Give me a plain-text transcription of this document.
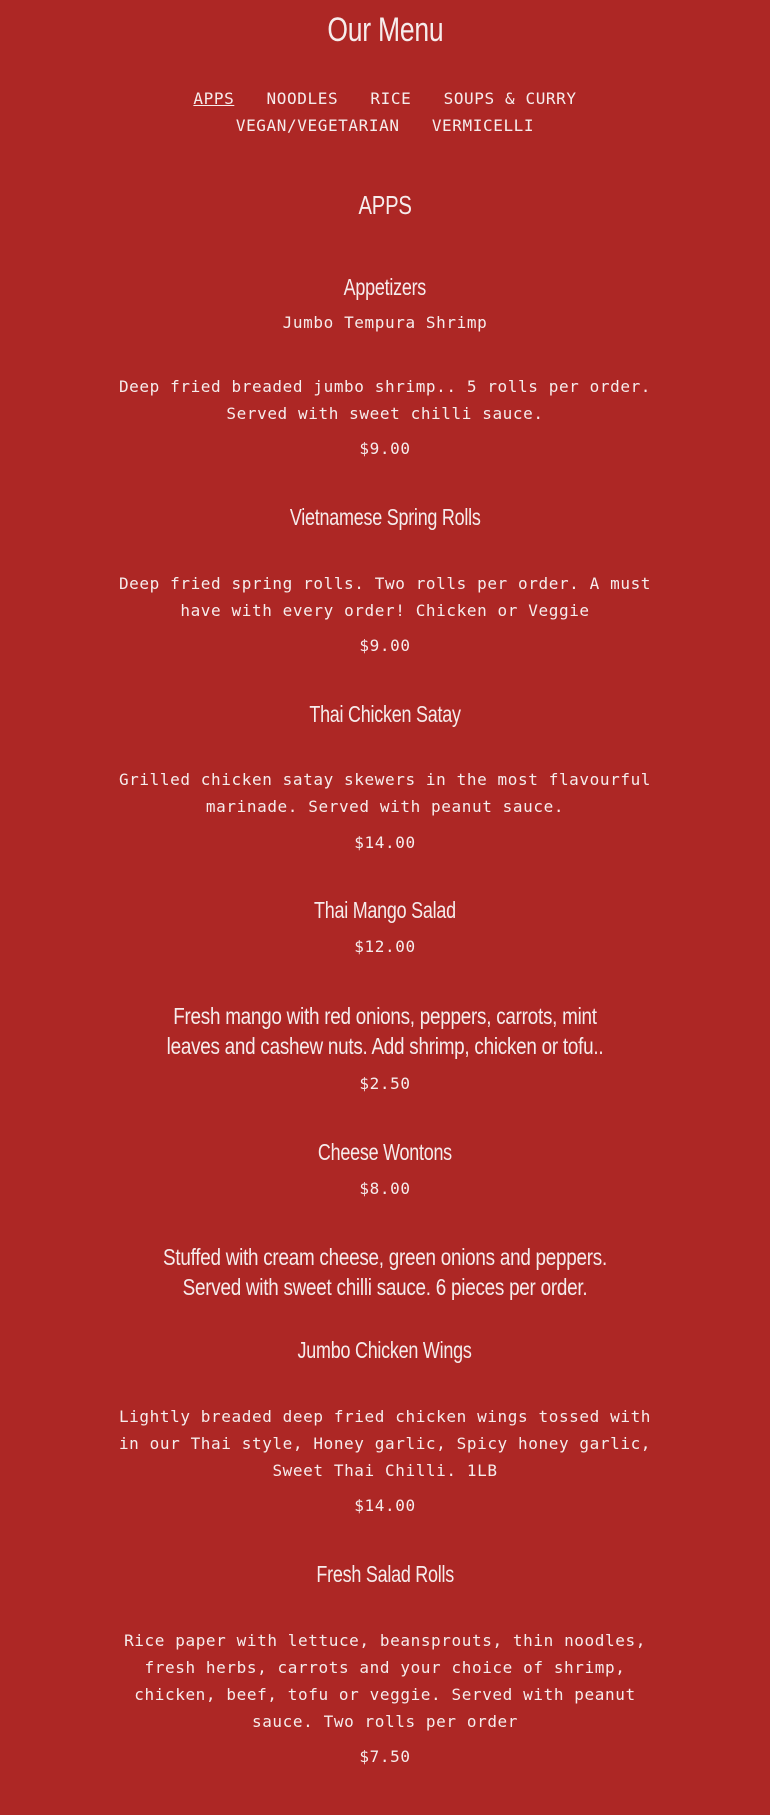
Our Menu
APPS NOODLES RICE SOUPS & CURRY
VEGAN/VEGETARIAN VERMICELLI
APPS
Appetizers
Jumbo Tempura Shrimp
Deep fried breaded jumbo shrimp.. 5 rolls per order. Served with sweet chilli sauce.
$9.00
Vietnamese Spring Rolls
Deep fried spring rolls. Two rolls per order. A must have with every order! Chicken or Veggie
$9.00
Thai Chicken Satay
Grilled chicken satay skewers in the most flavourful marinade. Served with peanut sauce.
$14.00
Thai Mango Salad
$12.00
Fresh mango with red onions, peppers, carrots, mint leaves and cashew nuts. Add shrimp, chicken or tofu..
$2.50
Cheese Wontons
$8.00
Stuffed with cream cheese, green onions and peppers. Served with sweet chilli sauce. 6 pieces per order.
Jumbo Chicken Wings
Lightly breaded deep fried chicken wings tossed with in our Thai style, Honey garlic, Spicy honey garlic, Sweet Thai Chilli. 1LB
$14.00
Fresh Salad Rolls
Rice paper with lettuce, beansprouts, thin noodles, fresh herbs, carrots and your choice of shrimp, chicken, beef, tofu or veggie. Served with peanut sauce. Two rolls per order
$7.50
